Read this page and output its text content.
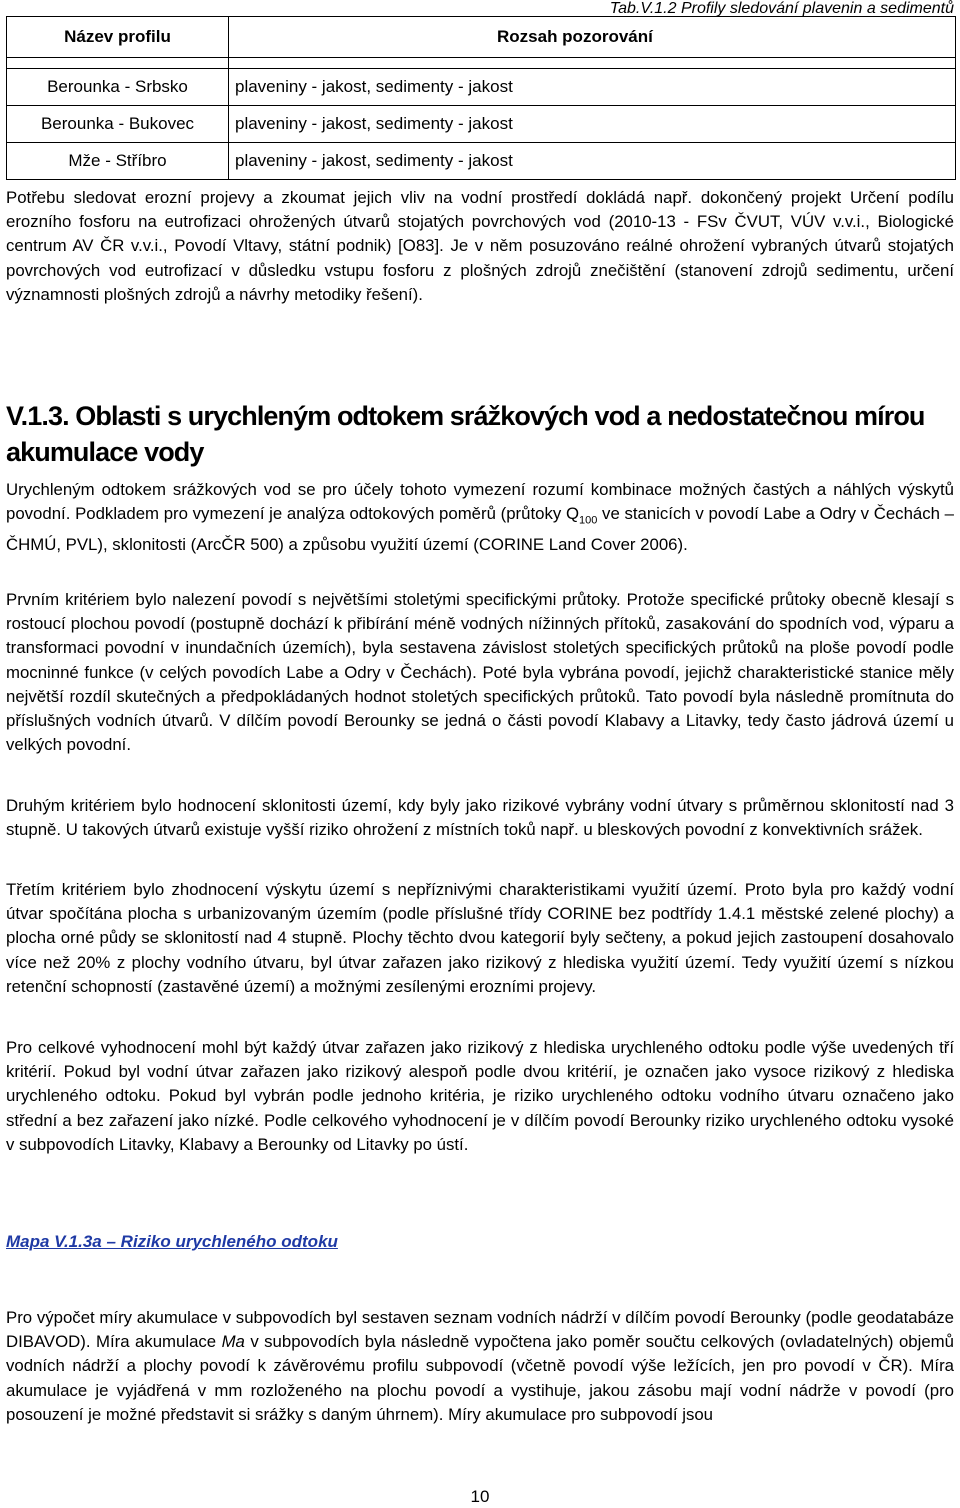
Tab.V.1.2 Profily sledování plavenin a sedimentů
Název profilu	Rozsah pozorování

Berounka - Srbsko	plaveniny - jakost, sedimenty - jakost
Berounka - Bukovec	plaveniny - jakost, sedimenty - jakost
Mže - Stříbro	plaveniny - jakost, sedimenty - jakost

Potřebu sledovat erozní projevy a zkoumat jejich vliv na vodní prostředí dokládá např. dokončený projekt Určení podílu erozního fosforu na eutrofizaci ohrožených útvarů stojatých povrchových vod (2010-13 - FSv ČVUT, VÚV v.v.i., Biologické centrum AV ČR v.v.i., Povodí Vltavy, státní podnik) [O83]. Je v něm posuzováno reálné ohrožení vybraných útvarů stojatých povrchových vod eutrofizací v důsledku vstupu fosforu z plošných zdrojů znečištění (stanovení zdrojů sedimentu, určení významnosti plošných zdrojů a návrhy metodiky řešení).

V.1.3. Oblasti s urychleným odtokem srážkových vod a nedostatečnou mírou akumulace vody

Urychleným odtokem srážkových vod se pro účely tohoto vymezení rozumí kombinace možných častých a náhlých výskytů povodní. Podkladem pro vymezení je analýza odtokových poměrů (průtoky $Q_{100}$ ve stanicích v povodí Labe a Odry v Čechách – ČHMÚ, PVL), sklonitosti (ArcČR 500) a způsobu využití území (CORINE Land Cover 2006).

Prvním kritériem bylo nalezení povodí s největšími stoletými specifickými průtoky. Protože specifické průtoky obecně klesají s rostoucí plochou povodí (postupně dochází k přibírání méně vodných nížinných přítoků, zasakování do spodních vod, výparu a transformaci povodní v inundačních územích), byla sestavena závislost stoletých specifických průtoků na ploše povodí podle mocninné funkce (v celých povodích Labe a Odry v Čechách). Poté byla vybrána povodí, jejichž charakteristické stanice měly největší rozdíl skutečných a předpokládaných hodnot stoletých specifických průtoků. Tato povodí byla následně promítnuta do příslušných vodních útvarů. V dílčím povodí Berounky se jedná o části povodí Klabavy a Litavky, tedy často jádrová území u velkých povodní.

Druhým kritériem bylo hodnocení sklonitosti území, kdy byly jako rizikové vybrány vodní útvary s průměrnou sklonitostí nad 3 stupně. U takových útvarů existuje vyšší riziko ohrožení z místních toků např. u bleskových povodní z konvektivních srážek.

Třetím kritériem bylo zhodnocení výskytu území s nepříznivými charakteristikami využití území. Proto byla pro každý vodní útvar spočítána plocha s urbanizovaným územím (podle příslušné třídy CORINE bez podtřídy 1.4.1 městské zelené plochy) a plocha orné půdy se sklonitostí nad 4 stupně. Plochy těchto dvou kategorií byly sečteny, a pokud jejich zastoupení dosahovalo více než 20% z plochy vodního útvaru, byl útvar zařazen jako rizikový z hlediska využití území. Tedy využití území s nízkou retenční schopností (zastavěné území) a možnými zesílenými erozními projevy.

Pro celkové vyhodnocení mohl být každý útvar zařazen jako rizikový z hlediska urychleného odtoku podle výše uvedených tří kritérií. Pokud byl vodní útvar zařazen jako rizikový alespoň podle dvou kritérií, je označen jako vysoce rizikový z hlediska urychleného odtoku. Pokud byl vybrán podle jednoho kritéria, je riziko urychleného odtoku vodního útvaru označeno jako střední a bez zařazení jako nízké. Podle celkového vyhodnocení je v dílčím povodí Berounky riziko urychleného odtoku vysoké v subpovodích Litavky, Klabavy a Berounky od Litavky po ústí.

Mapa V.1.3a – Riziko urychleného odtoku

Pro výpočet míry akumulace v subpovodích byl sestaven seznam vodních nádrží v dílčím povodí Berounky (podle geodatabáze DIBAVOD). Míra akumulace Ma v subpovodích byla následně vypočtena jako poměr součtu celkových (ovladatelných) objemů vodních nádrží a plochy povodí k závěrovému profilu subpovodí (včetně povodí výše ležících, jen pro povodí v ČR). Míra akumulace je vyjádřená v mm rozloženého na plochu povodí a vystihuje, jakou zásobu mají vodní nádrže v povodí (pro posouzení je možné představit si srážky s daným úhrnem). Míry akumulace pro subpovodí jsou

10
